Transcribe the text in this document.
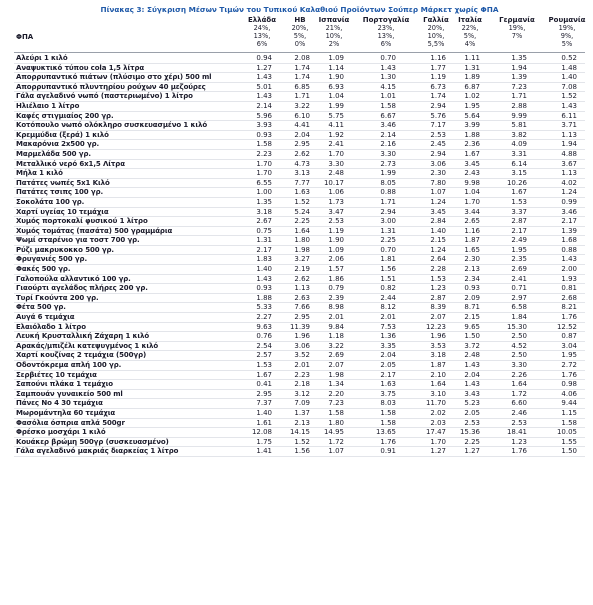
Πίνακας 3: Σύγκριση Μέσων Τιμών του Τυπικού Καλαθιού Προϊόντων Σούπερ Μάρκετ χωρίς ΦΠΑ
ΦΠΑ
Ελλάδα
24%,
13%,
6%
ΗΒ
20%,
5%,
0%
Ισπανία
21%,
10%,
2%
Πορτογαλία
23%,
13%,
6%
Γαλλία
20%,
10%,
5,5%
Ιταλία
22%,
5%,
4%
Γερμανία
19%,
7%
Ρουμανία
19%,
9%,
5%
Αλεύρι 1 κιλό	0.94	2.08	1.09	0.70	1.16	1.11	1.35	0.52
Αναψυκτικό τύπου cola 1,5 λίτρα	1.27	1.74	1.14	1.43	1.77	1.31	1.94	1.48
Απορρυπαντικό πιάτων (πλύσιμο στο χέρι) 500 ml	1.43	1.74	1.90	1.30	1.19	1.89	1.39	1.40
Απορρυπαντικό πλυντηρίου ρούχων 40 μεζούρες	5.01	6.85	6.93	4.15	6.73	6.87	7.23	7.08
Γάλα αγελαδινό νωπό (παστεριωμένο) 1 λίτρο	1.43	1.71	1.04	1.01	1.74	1.02	1.71	1.52
Ηλιέλαιο 1 λίτρο	2.14	3.22	1.99	1.58	2.94	1.95	2.88	1.43
Καφές στιγμιαίος 200 γρ.	5.96	6.10	5.75	6.67	5.76	5.64	9.99	6.11
Κοτόπουλο νωπό ολόκληρο συσκευασμένο 1 κιλό	3.93	4.41	4.11	3.46	7.17	3.99	5.81	3.71
Κρεμμύδια (ξερά) 1 κιλό	0.93	2.04	1.92	2.14	2.53	1.88	3.82	1.13
Μακαρόνια 2x500 γρ.	1.58	2.95	2.41	2.16	2.45	2.36	4.09	1.94
Μαρμελάδα 500 γρ.	2.23	2.62	1.70	3.30	2.94	1.67	3.31	4.88
Μεταλλικό νερό 6x1,5 Λίτρα	1.70	4.73	3.30	2.73	3.06	3.45	6.14	3.67
Μήλα 1 κιλό	1.70	3.13	2.48	1.99	2.30	2.43	3.15	1.13
Πατάτες νωπές 5x1 Κιλό	6.55	7.77	10.17	8.05	7.80	9.98	10.26	4.02
Πατάτες τσιπς 100 γρ.	1.00	1.63	1.06	0.88	1.07	1.04	1.67	1.24
Σοκολάτα 100 γρ.	1.35	1.52	1.73	1.71	1.24	1.70	1.53	0.99
Χαρτί υγείας 10 τεμάχια	3.18	5.24	3.47	2.94	3.45	3.44	3.37	3.46
Χυμός πορτοκαλί φυσικού 1 λίτρο	2.67	2.25	2.53	3.00	2.84	2.65	2.87	2.17
Χυμός τομάτας (πασάτα) 500 γραμμάρια	0.75	1.64	1.19	1.31	1.40	1.16	2.17	1.39
Ψωμί σταρένιο για τοστ 700 γρ.	1.31	1.80	1.90	2.25	2.15	1.87	2.49	1.68
Ρύζι μακρυκοκκο 500 γρ.	2.17	1.98	1.09	0.70	1.24	1.65	1.95	0.88
Φρυγανιές 500 γρ.	1.83	3.27	2.06	1.81	2.64	2.30	2.35	1.43
Φακές 500 γρ.	1.40	2.19	1.57	1.56	2.28	2.13	2.69	2.00
Γαλοπούλα αλλαντικό 100 γρ.	1.43	2.62	1.86	1.51	1.53	2.34	2.41	1.93
Γιαούρτι αγελάδος πλήρες 200 γρ.	0.93	1.13	0.79	0.82	1.23	0.93	0.71	0.81
Τυρί Γκούντα 200 γρ.	1.88	2.63	2.39	2.44	2.87	2.09	2.97	2.68
Φέτα 500 γρ.	5.33	7.66	8.98	8.12	8.39	8.71	6.58	8.21
Αυγά 6 τεμάχια	2.27	2.95	2.01	2.01	2.07	2.15	1.84	1.76
Ελαιόλαδο 1 λίτρο	9.63	11.39	9.84	7.53	12.23	9.65	15.30	12.52
Λευκή Κρυσταλλική Ζάχαρη 1 κιλό	0.76	1.96	1.18	1.36	1.96	1.50	2.50	0.87
Αρακάς/μπιζέλι κατεψυγμένος 1 κιλό	2.54	3.06	3.22	3.35	3.53	3.72	4.52	3.04
Χαρτί κουζίνας 2 τεμάχια (500γρ)	2.57	3.52	2.69	2.04	3.18	2.48	2.50	1.95
Οδοντόκρεμα απλή 100 γρ.	1.53	2.01	2.07	2.05	1.87	1.43	3.30	2.72
Σερβιέτες 10 τεμάχια	1.67	2.23	1.98	2.17	2.10	2.04	2.26	1.76
Σαπούνι πλάκα 1 τεμάχιο	0.41	2.18	1.34	1.63	1.64	1.43	1.64	0.98
Σαμπουάν γυναικείο 500 ml	2.95	3.12	2.20	3.75	3.10	3.43	1.72	4.06
Πάνες Νο 4 30 τεμάχια	7.37	7.09	7.23	8.03	11.70	5.23	6.60	9.44
Μωρομάντηλα 60 τεμάχια	1.40	1.37	1.58	1.58	2.02	2.05	2.46	1.15
Φασόλια όσπρια απλά 500gr	1.61	2.13	1.80	1.58	2.03	2.53	2.53	1.58
Φρέσκο μοσχάρι 1 κιλό	12.08	14.15	14.95	13.65	17.47	15.36	18.41	10.05
Κουάκερ βρώμη 500γρ (συσκευασμένο)	1.75	1.52	1.72	1.76	1.70	2.25	1.23	1.55
Γάλα αγελαδινό μακριάς διαρκείας 1 λίτρο	1.41	1.56	1.07	0.91	1.27	1.27	1.76	1.50
